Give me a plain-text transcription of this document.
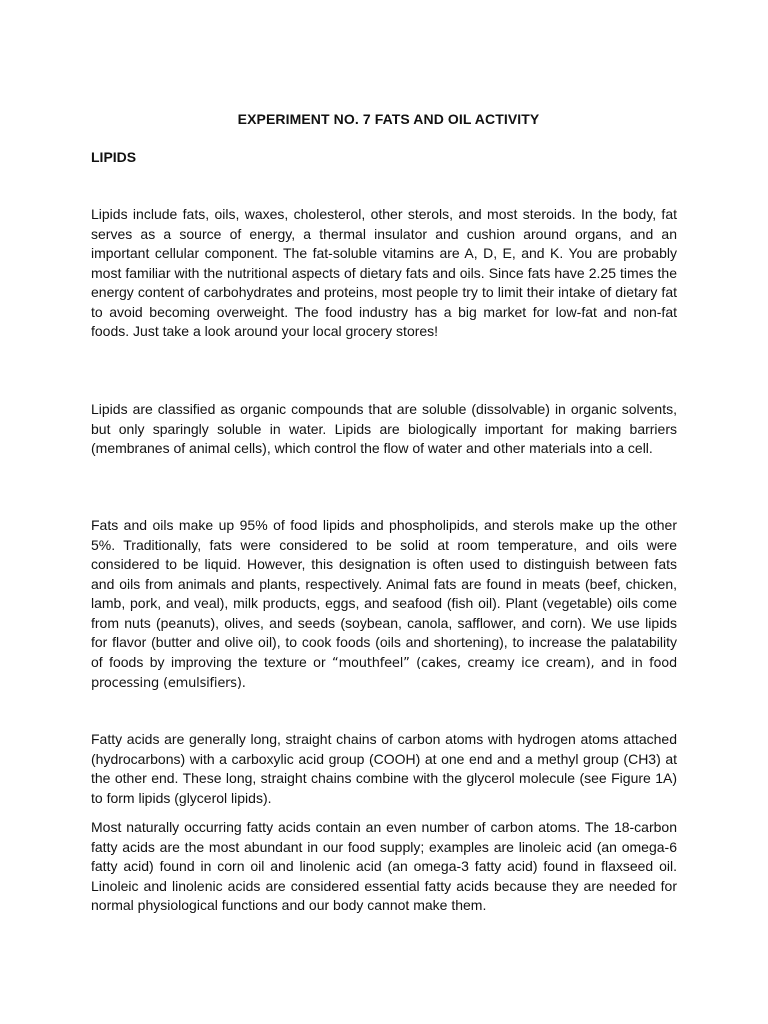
EXPERIMENT NO. 7 FATS AND OIL ACTIVITY
LIPIDS

Lipids include fats, oils, waxes, cholesterol, other sterols, and most steroids. In the body, fat serves as a source of energy, a thermal insulator and cushion around organs, and an important cellular component. The fat-soluble vitamins are A, D, E, and K. You are probably most familiar with the nutritional aspects of dietary fats and oils. Since fats have 2.25 times the energy content of carbohydrates and proteins, most people try to limit their intake of dietary fat to avoid becoming overweight. The food industry has a big market for low-fat and non-fat foods. Just take a look around your local grocery stores!

Lipids are classified as organic compounds that are soluble (dissolvable) in organic solvents, but only sparingly soluble in water. Lipids are biologically important for making barriers (membranes of animal cells), which control the flow of water and other materials into a cell.

Fats and oils make up 95% of food lipids and phospholipids, and sterols make up the other 5%. Traditionally, fats were considered to be solid at room temperature, and oils were considered to be liquid. However, this designation is often used to distinguish between fats and oils from animals and plants, respectively. Animal fats are found in meats (beef, chicken, lamb, pork, and veal), milk products, eggs, and seafood (fish oil). Plant (vegetable) oils come from nuts (peanuts), olives, and seeds (soybean, canola, safflower, and corn). We use lipids for flavor (butter and olive oil), to cook foods (oils and shortening), to increase the palatability of foods by improving the texture or “mouthfeel” (cakes, creamy ice cream), and in food processing (emulsifiers).

Fatty acids are generally long, straight chains of carbon atoms with hydrogen atoms attached (hydrocarbons) with a carboxylic acid group (COOH) at one end and a methyl group (CH3) at the other end. These long, straight chains combine with the glycerol molecule (see Figure 1A) to form lipids (glycerol lipids).

Most naturally occurring fatty acids contain an even number of carbon atoms. The 18-carbon fatty acids are the most abundant in our food supply; examples are linoleic acid (an omega-6 fatty acid) found in corn oil and linolenic acid (an omega-3 fatty acid) found in flaxseed oil. Linoleic and linolenic acids are considered essential fatty acids because they are needed for normal physiological functions and our body cannot make them.
